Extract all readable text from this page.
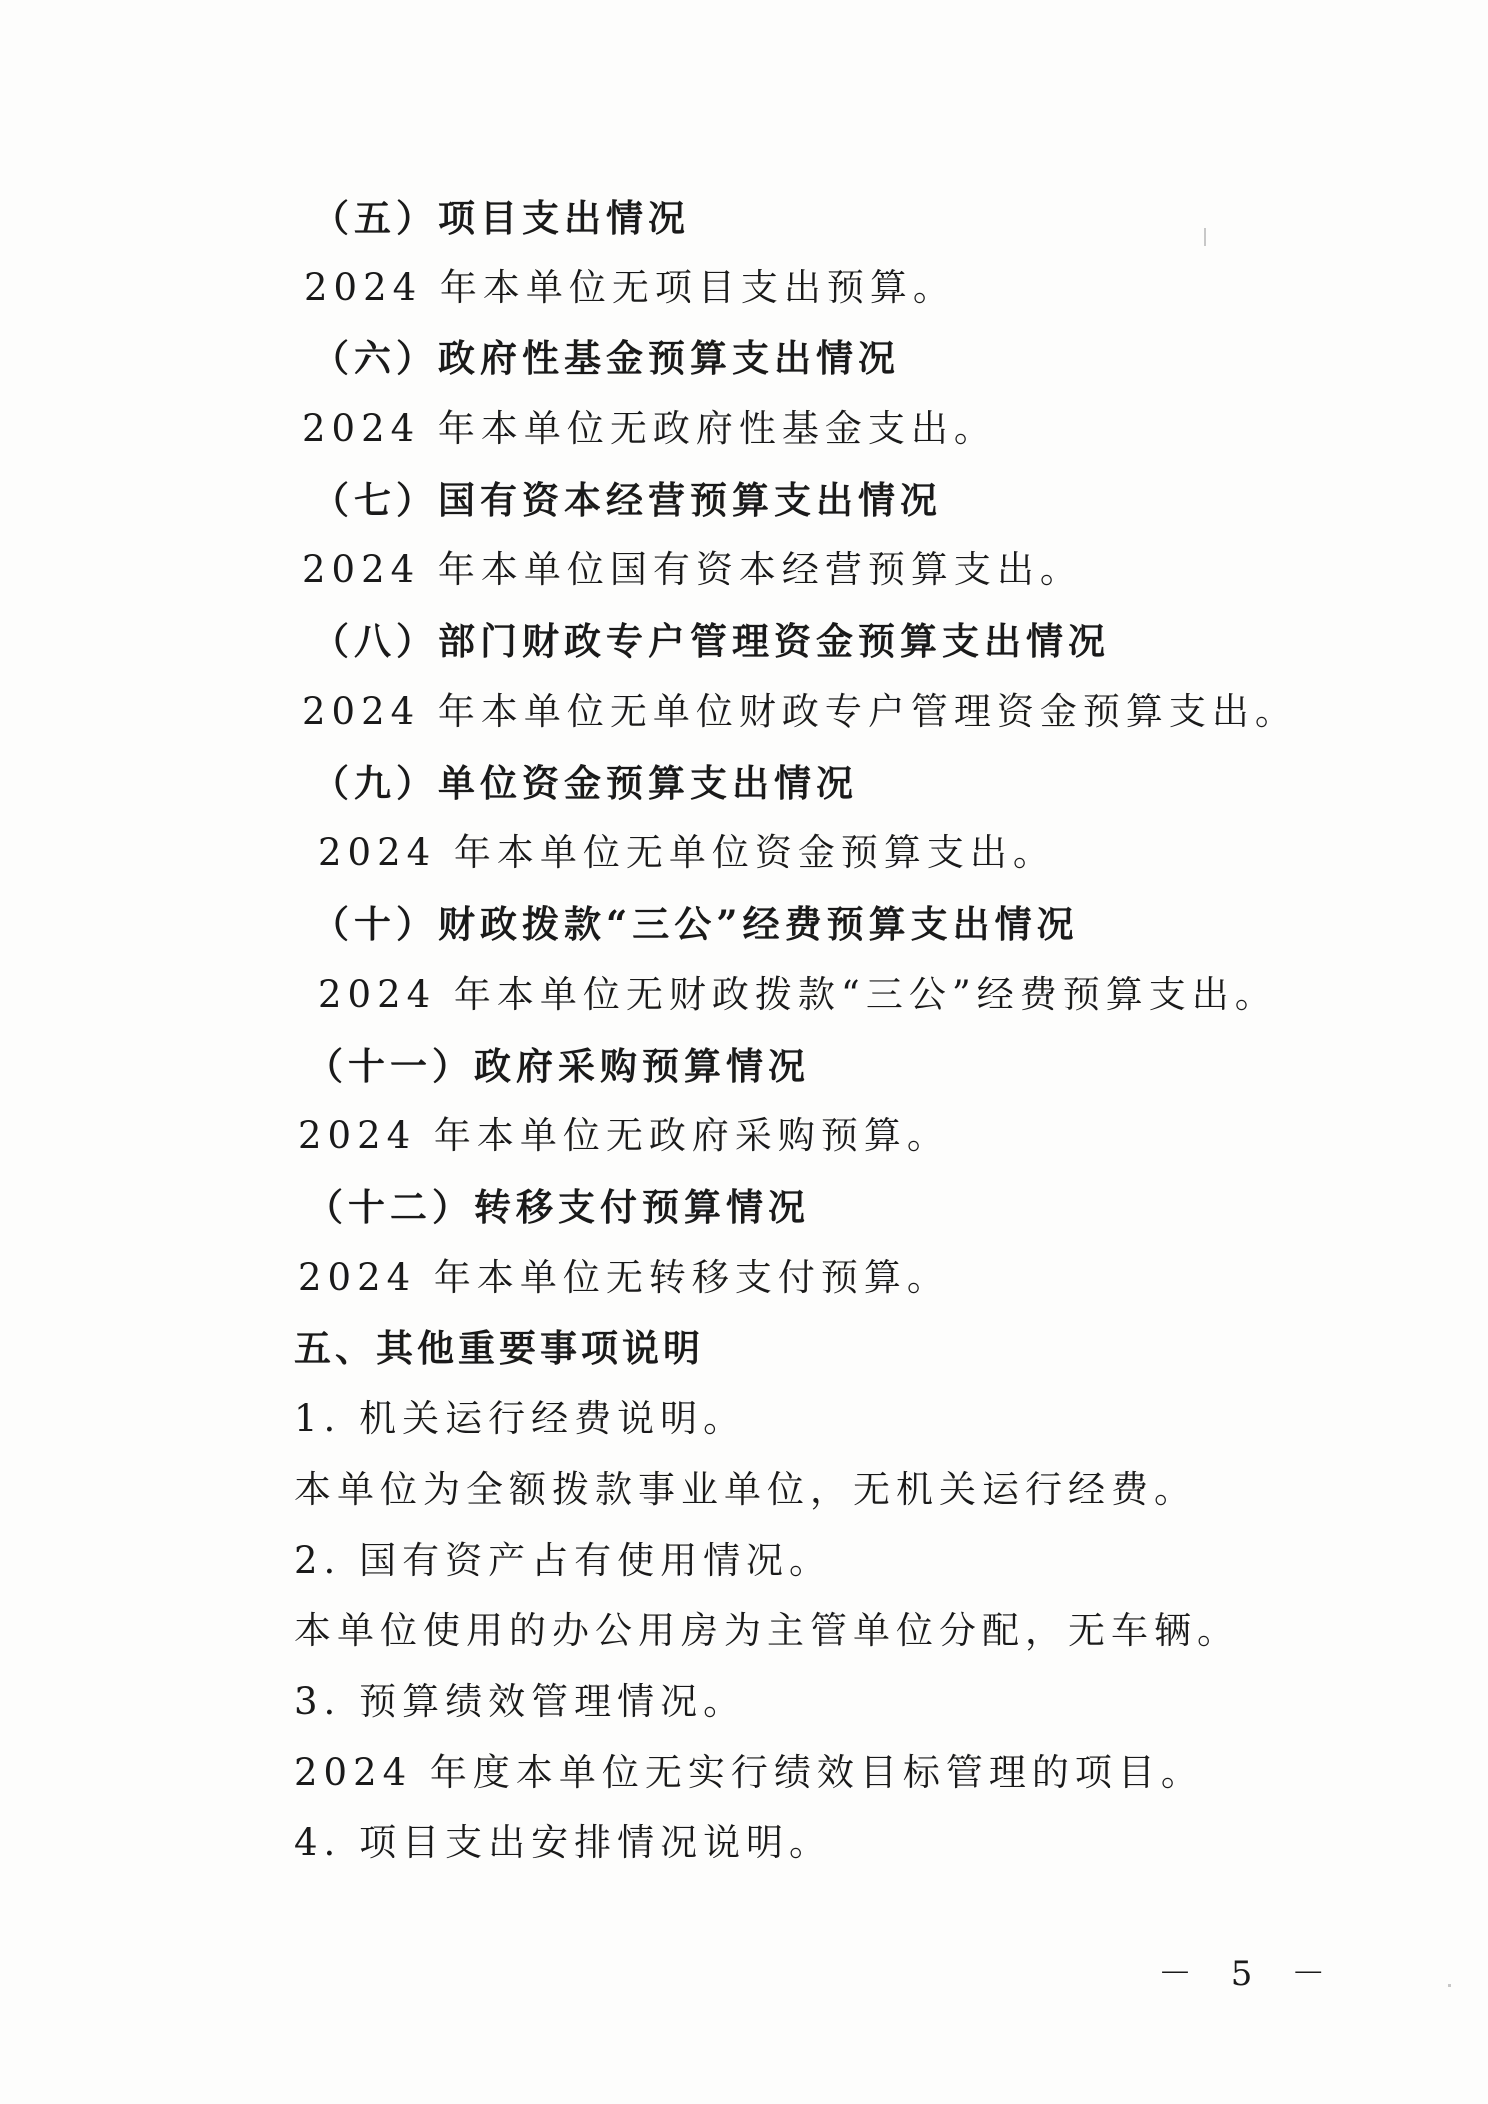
（五）项目支出情况
2024 年本单位无项目支出预算。
（六）政府性基金预算支出情况
2024 年本单位无政府性基金支出。
（七）国有资本经营预算支出情况
2024 年本单位国有资本经营预算支出。
（八）部门财政专户管理资金预算支出情况
2024 年本单位无单位财政专户管理资金预算支出。
（九）单位资金预算支出情况
2024 年本单位无单位资金预算支出。
（十）财政拨款“三公”经费预算支出情况
2024 年本单位无财政拨款“三公”经费预算支出。
（十一）政府采购预算情况
2024 年本单位无政府采购预算。
（十二）转移支付预算情况
2024 年本单位无转移支付预算。
五、其他重要事项说明
1. 机关运行经费说明。
本单位为全额拨款事业单位，无机关运行经费。
2. 国有资产占有使用情况。
本单位使用的办公用房为主管单位分配，无车辆。
3. 预算绩效管理情况。
2024 年度本单位无实行绩效目标管理的项目。
4. 项目支出安排情况说明。
－ 5 －
